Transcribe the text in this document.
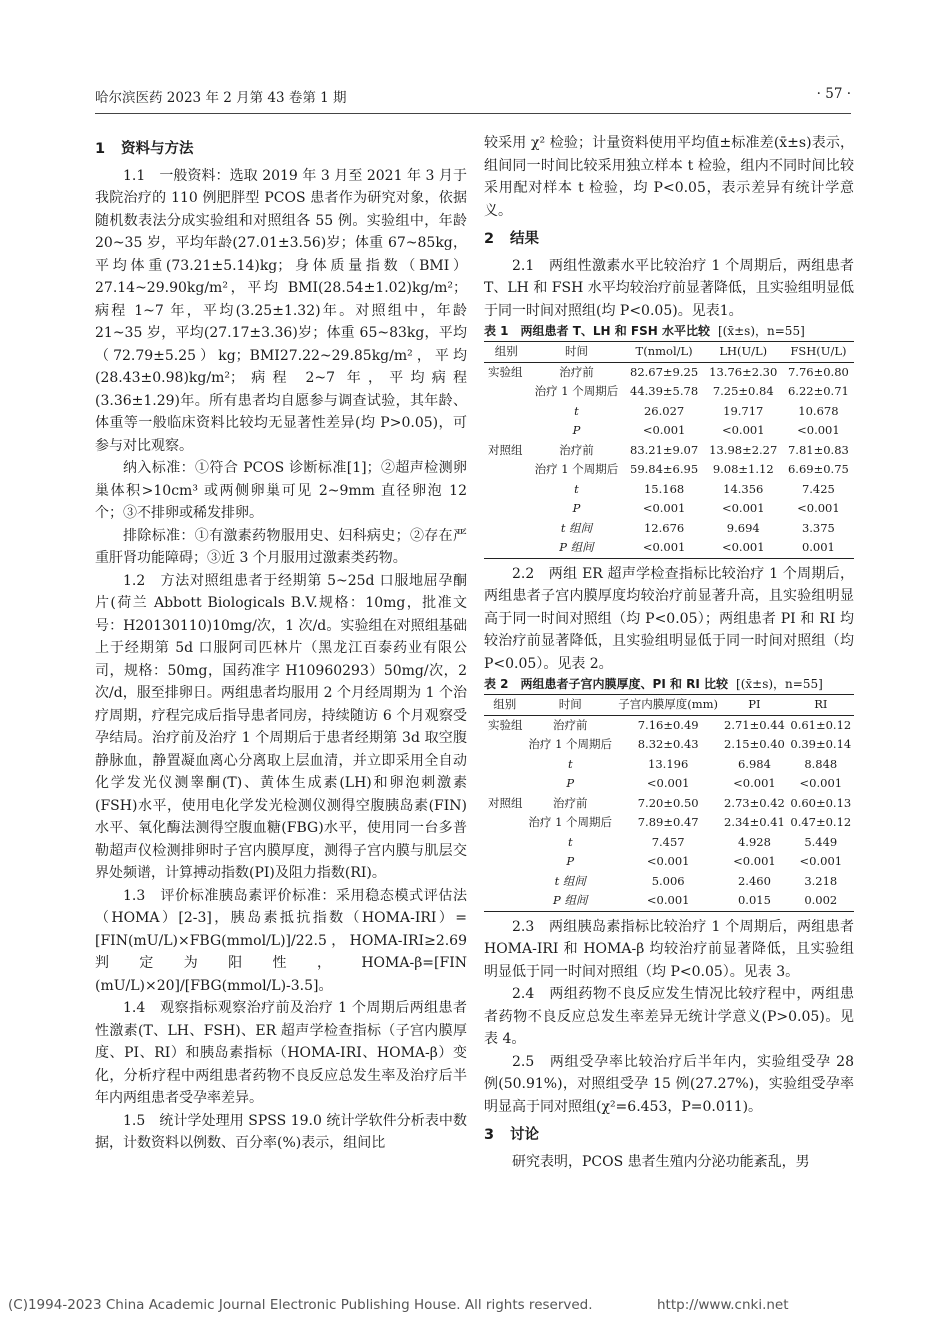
哈尔滨医药 2023 年 2 月第 43 卷第 1 期	· 57 ·
1 资料与方法

1.1　一般资料：选取 2019 年 3 月至 2021 年 3 月于我院治疗的 110 例肥胖型 PCOS 患者作为研究对象，依据随机数表法分成实验组和对照组各 55 例。实验组中，年龄 20~35 岁，平均年龄(27.01±3.56)岁；体重 67~85kg，平均体重(73.21±5.14)kg；身体质量指数（BMI）27.14~29.90kg/m²，平均 BMI(28.54±1.02)kg/m²；病程 1~7 年，平均(3.25±1.32)年。对照组中，年龄 21~35 岁，平均(27.17±3.36)岁；体重 65~83kg，平均（72.79±5.25）kg；BMI27.22~29.85kg/m²，平均(28.43±0.98)kg/m²；病程 2~7 年，平均病程(3.36±1.29)年。所有患者均自愿参与调查试验，其年龄、体重等一般临床资料比较均无显著性差异(均 P>0.05)，可参与对比观察。

纳入标准：①符合 PCOS 诊断标准[1]；②超声检测卵巢体积>10cm³ 或两侧卵巢可见 2~9mm 直径卵泡 12 个；③不排卵或稀发排卵。

排除标准：①有激素药物服用史、妇科病史；②存在严重肝肾功能障碍；③近 3 个月服用过激素类药物。

1.2　方法对照组患者于经期第 5~25d 口服地屈孕酮片(荷兰 Abbott Biologicals B.V.规格：10mg，批准文号：H20130110)10mg/次，1 次/d。实验组在对照组基础上于经期第 5d 口服阿司匹林片（黑龙江百泰药业有限公司，规格：50mg，国药准字 H10960293）50mg/次，2 次/d，服至排卵日。两组患者均服用 2 个月经周期为 1 个治疗周期，疗程完成后指导患者同房，持续随访 6 个月观察受孕结局。治疗前及治疗 1 个周期后于患者经期第 3d 取空腹静脉血，静置凝血离心分离取上层血清，并立即采用全自动化学发光仪测睾酮(T)、黄体生成素(LH)和卵泡刺激素(FSH)水平，使用电化学发光检测仪测得空腹胰岛素(FIN)水平、氧化酶法测得空腹血糖(FBG)水平，使用同一台多普勒超声仪检测排卵时子宫内膜厚度，测得子宫内膜与肌层交界处频谱，计算搏动指数(PI)及阻力指数(RI)。

1.3　评价标准胰岛素评价标准：采用稳态模式评估法（HOMA）[2-3]，胰岛素抵抗指数（HOMA-IRI）=[FIN(mU/L)×FBG(mmol/L)]/22.5，HOMA-IRI≥2.69 判定为阳性，HOMA-β=[FIN (mU/L)×20]/[FBG(mmol/L)-3.5]。

1.4　观察指标观察治疗前及治疗 1 个周期后两组患者性激素(T、LH、FSH)、ER 超声学检查指标（子宫内膜厚度、PI、RI）和胰岛素指标（HOMA-IRI、HOMA-β）变化，分析疗程中两组患者药物不良反应总发生率及治疗后半年内两组患者受孕率差异。

1.5　统计学处理用 SPSS 19.0 统计学软件分析表中数据，计数资料以例数、百分率(%)表示，组间比

较采用 χ² 检验；计量资料使用平均值±标准差(x̄±s)表示，组间同一时间比较采用独立样本 t 检验，组内不同时间比较采用配对样本 t 检验，均 P<0.05，表示差异有统计学意义。

2 结果

2.1　两组性激素水平比较治疗 1 个周期后，两组患者 T、LH 和 FSH 水平均较治疗前显著降低，且实验组明显低于同一时间对照组(均 P<0.05)。见表1。

表 1　两组患者 T、LH 和 FSH 水平比较 [(x̄±s)，n=55]
组别	时间	T(nmol/L)	LH(U/L)	FSH(U/L)
实验组	治疗前	82.67±9.25	13.76±2.30	7.76±0.80
	治疗 1 个周期后	44.39±5.78	7.25±0.84	6.22±0.71
	t	26.027	19.717	10.678
	P	<0.001	<0.001	<0.001
对照组	治疗前	83.21±9.07	13.98±2.27	7.81±0.83
	治疗 1 个周期后	59.84±6.95	9.08±1.12	6.69±0.75
	t	15.168	14.356	7.425
	P	<0.001	<0.001	<0.001
	t 组间	12.676	9.694	3.375
	P 组间	<0.001	<0.001	0.001

2.2　两组 ER 超声学检查指标比较治疗 1 个周期后，两组患者子宫内膜厚度均较治疗前显著升高，且实验组明显高于同一时间对照组（均 P<0.05）；两组患者 PI 和 RI 均较治疗前显著降低，且实验组明显低于同一时间对照组（均 P<0.05）。见表 2。

表 2　两组患者子宫内膜厚度、PI 和 RI 比较 [(x̄±s)，n=55]
组别	时间	子宫内膜厚度(mm)	PI	RI
实验组	治疗前	7.16±0.49	2.71±0.44	0.61±0.12
	治疗 1 个周期后	8.32±0.43	2.15±0.40	0.39±0.14
	t	13.196	6.984	8.848
	P	<0.001	<0.001	<0.001
对照组	治疗前	7.20±0.50	2.73±0.42	0.60±0.13
	治疗 1 个周期后	7.89±0.47	2.34±0.41	0.47±0.12
	t	7.457	4.928	5.449
	P	<0.001	<0.001	<0.001
	t 组间	5.006	2.460	3.218
	P 组间	<0.001	0.015	0.002

2.3　两组胰岛素指标比较治疗 1 个周期后，两组患者 HOMA-IRI 和 HOMA-β 均较治疗前显著降低，且实验组明显低于同一时间对照组（均 P<0.05）。见表 3。

2.4　两组药物不良反应发生情况比较疗程中，两组患者药物不良反应总发生率差异无统计学意义(P>0.05)。见表 4。

2.5　两组受孕率比较治疗后半年内，实验组受孕 28 例(50.91%)，对照组受孕 15 例(27.27%)，实验组受孕率明显高于同对照组(χ²=6.453，P=0.011)。

3 讨论

研究表明，PCOS 患者生殖内分泌功能紊乱，男

(C)1994-2023 China Academic Journal Electronic Publishing House. All rights reserved.	http://www.cnki.net
